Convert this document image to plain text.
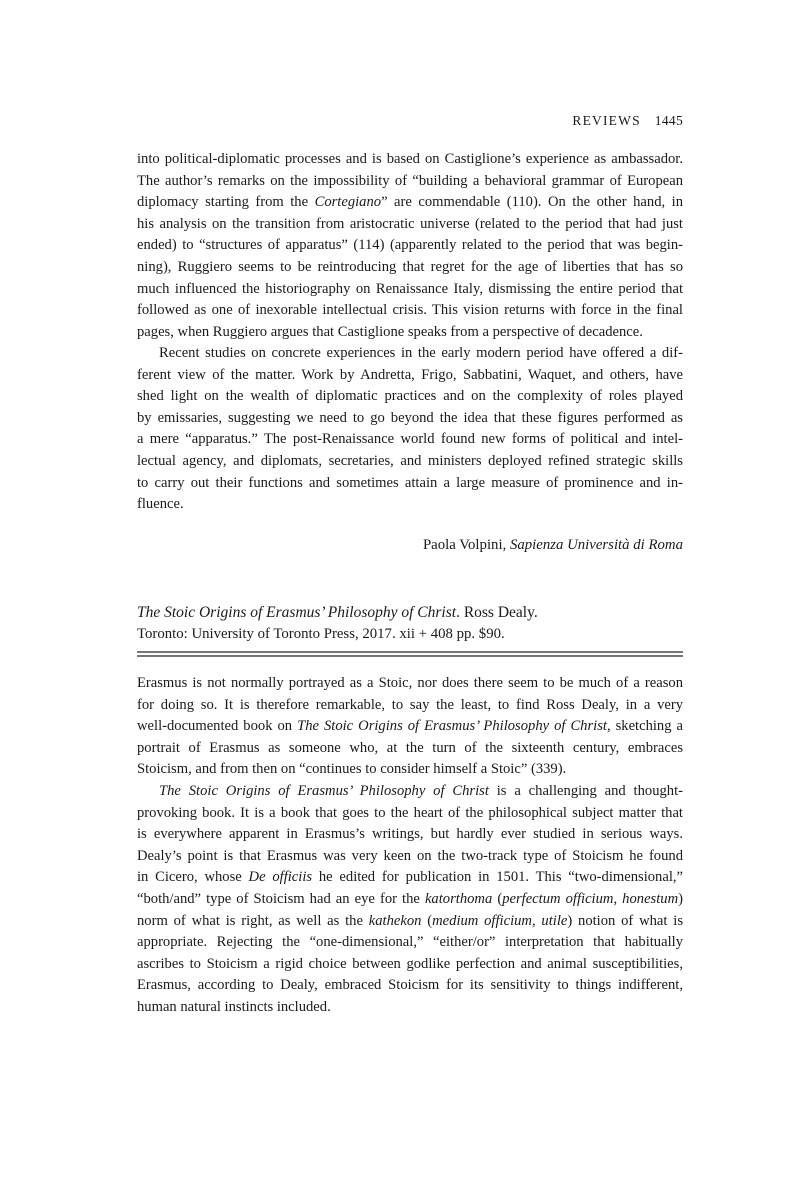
REVIEWS 1445
into political-diplomatic processes and is based on Castiglione’s experience as ambassador.
The author’s remarks on the impossibility of “building a behavioral grammar of European
diplomacy starting from the Cortegiano” are commendable (110). On the other hand, in
his analysis on the transition from aristocratic universe (related to the period that had just
ended) to “structures of apparatus” (114) (apparently related to the period that was begin-
ning), Ruggiero seems to be reintroducing that regret for the age of liberties that has so
much influenced the historiography on Renaissance Italy, dismissing the entire period that
followed as one of inexorable intellectual crisis. This vision returns with force in the final
pages, when Ruggiero argues that Castiglione speaks from a perspective of decadence.
Recent studies on concrete experiences in the early modern period have offered a dif-
ferent view of the matter. Work by Andretta, Frigo, Sabbatini, Waquet, and others, have
shed light on the wealth of diplomatic practices and on the complexity of roles played
by emissaries, suggesting we need to go beyond the idea that these figures performed as
a mere “apparatus.” The post-Renaissance world found new forms of political and intel-
lectual agency, and diplomats, secretaries, and ministers deployed refined strategic skills
to carry out their functions and sometimes attain a large measure of prominence and in-
fluence.
Paola Volpini, Sapienza Università di Roma
The Stoic Origins of Erasmus’ Philosophy of Christ. Ross Dealy.
Toronto: University of Toronto Press, 2017. xii + 408 pp. $90.
Erasmus is not normally portrayed as a Stoic, nor does there seem to be much of a reason
for doing so. It is therefore remarkable, to say the least, to find Ross Dealy, in a very
well-documented book on The Stoic Origins of Erasmus’ Philosophy of Christ, sketching a
portrait of Erasmus as someone who, at the turn of the sixteenth century, embraces
Stoicism, and from then on “continues to consider himself a Stoic” (339).
The Stoic Origins of Erasmus’ Philosophy of Christ is a challenging and thought-
provoking book. It is a book that goes to the heart of the philosophical subject matter that
is everywhere apparent in Erasmus’s writings, but hardly ever studied in serious ways.
Dealy’s point is that Erasmus was very keen on the two-track type of Stoicism he found
in Cicero, whose De officiis he edited for publication in 1501. This “two-dimensional,”
“both/and” type of Stoicism had an eye for the katorthoma (perfectum officium, honestum)
norm of what is right, as well as the kathekon (medium officium, utile) notion of what is
appropriate. Rejecting the “one-dimensional,” “either/or” interpretation that habitually
ascribes to Stoicism a rigid choice between godlike perfection and animal susceptibilities,
Erasmus, according to Dealy, embraced Stoicism for its sensitivity to things indifferent,
human natural instincts included.
